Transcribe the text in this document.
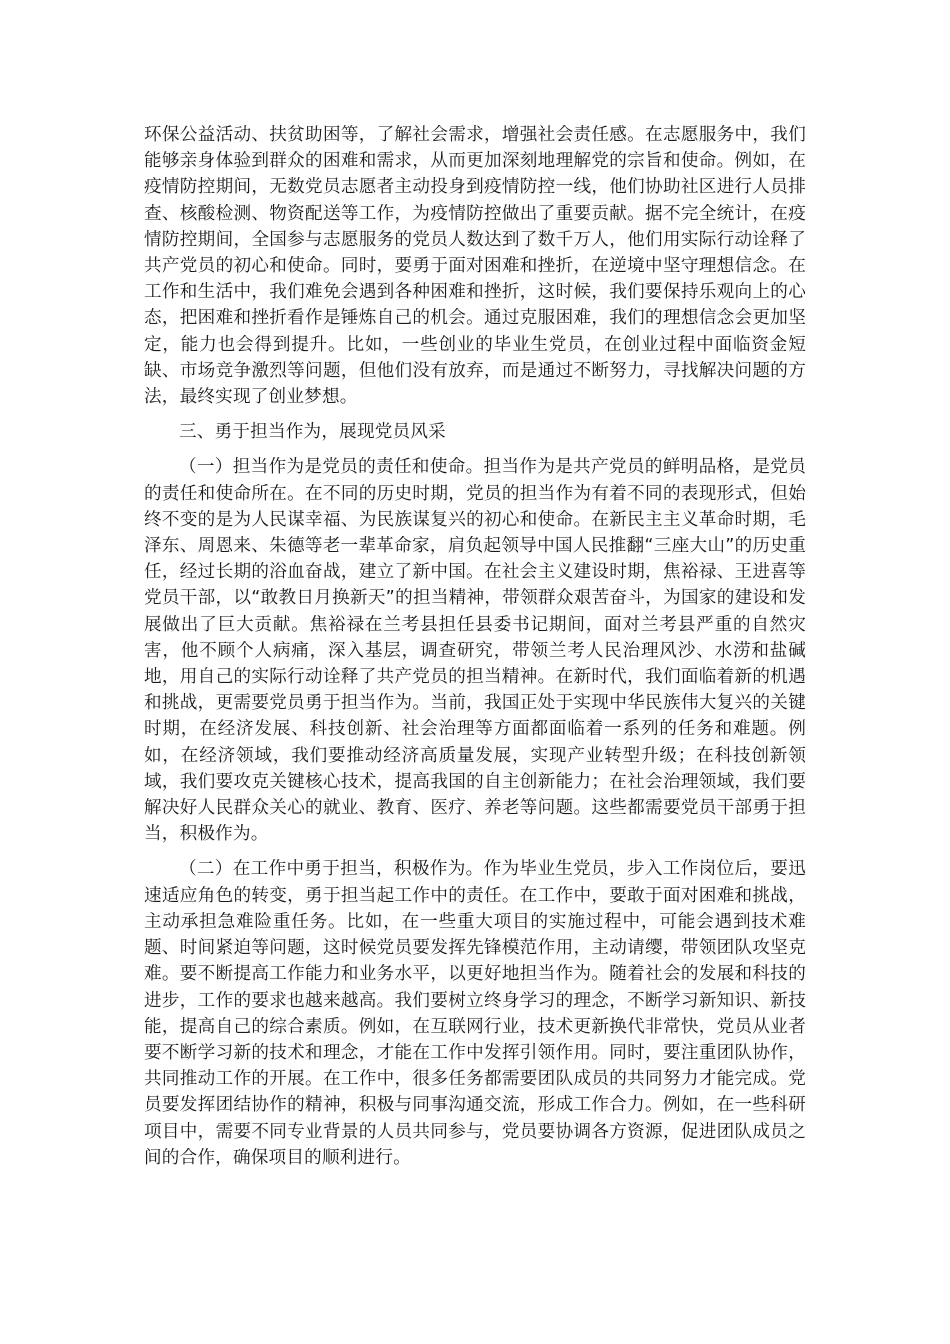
环保公益活动、扶贫助困等，了解社会需求，增强社会责任感。在志愿服务中，我们能够亲身体验到群众的困难和需求，从而更加深刻地理解党的宗旨和使命。例如，在疫情防控期间，无数党员志愿者主动投身到疫情防控一线，他们协助社区进行人员排查、核酸检测、物资配送等工作，为疫情防控做出了重要贡献。据不完全统计，在疫情防控期间，全国参与志愿服务的党员人数达到了数千万人，他们用实际行动诠释了共产党员的初心和使命。同时，要勇于面对困难和挫折，在逆境中坚守理想信念。在工作和生活中，我们难免会遇到各种困难和挫折，这时候，我们要保持乐观向上的心态，把困难和挫折看作是锤炼自己的机会。通过克服困难，我们的理想信念会更加坚定，能力也会得到提升。比如，一些创业的毕业生党员，在创业过程中面临资金短缺、市场竞争激烈等问题，但他们没有放弃，而是通过不断努力，寻找解决问题的方法，最终实现了创业梦想。

三、勇于担当作为，展现党员风采

（一）担当作为是党员的责任和使命。担当作为是共产党员的鲜明品格，是党员的责任和使命所在。在不同的历史时期，党员的担当作为有着不同的表现形式，但始终不变的是为人民谋幸福、为民族谋复兴的初心和使命。在新民主主义革命时期，毛泽东、周恩来、朱德等老一辈革命家，肩负起领导中国人民推翻“三座大山”的历史重任，经过长期的浴血奋战，建立了新中国。在社会主义建设时期，焦裕禄、王进喜等党员干部，以“敢教日月换新天”的担当精神，带领群众艰苦奋斗，为国家的建设和发展做出了巨大贡献。焦裕禄在兰考县担任县委书记期间，面对兰考县严重的自然灾害，他不顾个人病痛，深入基层，调查研究，带领兰考人民治理风沙、水涝和盐碱地，用自己的实际行动诠释了共产党员的担当精神。在新时代，我们面临着新的机遇和挑战，更需要党员勇于担当作为。当前，我国正处于实现中华民族伟大复兴的关键时期，在经济发展、科技创新、社会治理等方面都面临着一系列的任务和难题。例如，在经济领域，我们要推动经济高质量发展，实现产业转型升级；在科技创新领域，我们要攻克关键核心技术，提高我国的自主创新能力；在社会治理领域，我们要解决好人民群众关心的就业、教育、医疗、养老等问题。这些都需要党员干部勇于担当，积极作为。

（二）在工作中勇于担当，积极作为。作为毕业生党员，步入工作岗位后，要迅速适应角色的转变，勇于担当起工作中的责任。在工作中，要敢于面对困难和挑战，主动承担急难险重任务。比如，在一些重大项目的实施过程中，可能会遇到技术难题、时间紧迫等问题，这时候党员要发挥先锋模范作用，主动请缨，带领团队攻坚克难。要不断提高工作能力和业务水平，以更好地担当作为。随着社会的发展和科技的进步，工作的要求也越来越高。我们要树立终身学习的理念，不断学习新知识、新技能，提高自己的综合素质。例如，在互联网行业，技术更新换代非常快，党员从业者要不断学习新的技术和理念，才能在工作中发挥引领作用。同时，要注重团队协作，共同推动工作的开展。在工作中，很多任务都需要团队成员的共同努力才能完成。党员要发挥团结协作的精神，积极与同事沟通交流，形成工作合力。例如，在一些科研项目中，需要不同专业背景的人员共同参与，党员要协调各方资源，促进团队成员之间的合作，确保项目的顺利进行。
